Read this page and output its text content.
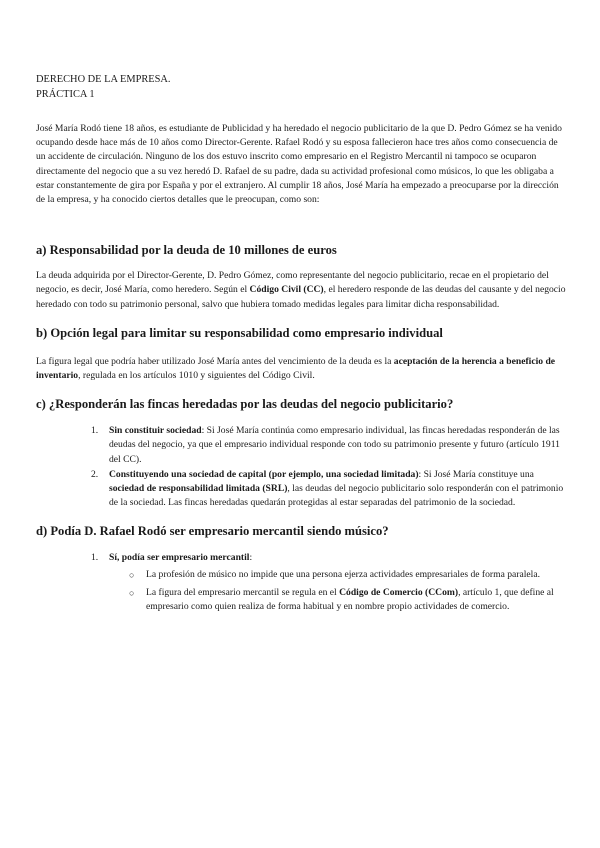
DERECHO DE LA EMPRESA.
PRÁCTICA 1

José María Rodó tiene 18 años, es estudiante de Publicidad y ha heredado el negocio publicitario de la que D. Pedro Gómez se ha venido ocupando desde hace más de 10 años como Director-Gerente. Rafael Rodó y su esposa fallecieron hace tres años como consecuencia de un accidente de circulación. Ninguno de los dos estuvo inscrito como empresario en el Registro Mercantil ni tampoco se ocuparon directamente del negocio que a su vez heredó D. Rafael de su padre, dada su actividad profesional como músicos, lo que les obligaba a estar constantemente de gira por España y por el extranjero. Al cumplir 18 años, José María ha empezado a preocuparse por la dirección de la empresa, y ha conocido ciertos detalles que le preocupan, como son:

a) Responsabilidad por la deuda de 10 millones de euros

La deuda adquirida por el Director-Gerente, D. Pedro Gómez, como representante del negocio publicitario, recae en el propietario del negocio, es decir, José María, como heredero. Según el Código Civil (CC), el heredero responde de las deudas del causante y del negocio heredado con todo su patrimonio personal, salvo que hubiera tomado medidas legales para limitar dicha responsabilidad.

b) Opción legal para limitar su responsabilidad como empresario individual

La figura legal que podría haber utilizado José María antes del vencimiento de la deuda es la aceptación de la herencia a beneficio de inventario, regulada en los artículos 1010 y siguientes del Código Civil.

c) ¿Responderán las fincas heredadas por las deudas del negocio publicitario?
1. Sin constituir sociedad: Si José María continúa como empresario individual, las fincas heredadas responderán de las deudas del negocio, ya que el empresario individual responde con todo su patrimonio presente y futuro (artículo 1911 del CC).
2. Constituyendo una sociedad de capital (por ejemplo, una sociedad limitada): Si José María constituye una sociedad de responsabilidad limitada (SRL), las deudas del negocio publicitario solo responderán con el patrimonio de la sociedad. Las fincas heredadas quedarán protegidas al estar separadas del patrimonio de la sociedad.
d) Podía D. Rafael Rodó ser empresario mercantil siendo músico?
1. Sí, podía ser empresario mercantil:
○ La profesión de músico no impide que una persona ejerza actividades empresariales de forma paralela.
○ La figura del empresario mercantil se regula en el Código de Comercio (CCom), artículo 1, que define al empresario como quien realiza de forma habitual y en nombre propio actividades de comercio.
